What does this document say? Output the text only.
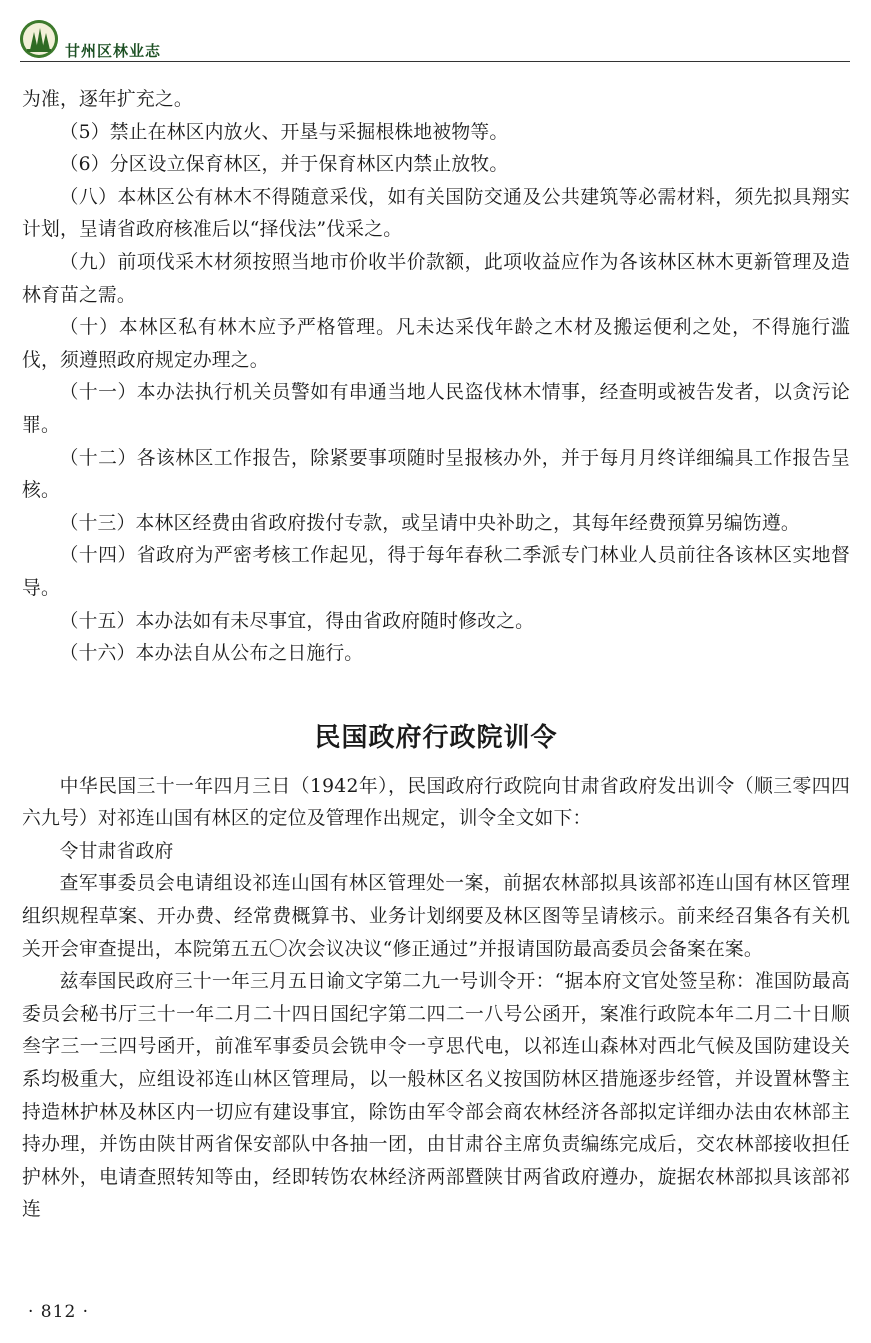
甘州区林业志

为准，逐年扩充之。

（5）禁止在林区内放火、开垦与采掘根株地被物等。

（6）分区设立保育林区，并于保育林区内禁止放牧。

（八）本林区公有林木不得随意采伐，如有关国防交通及公共建筑等必需材料，须先拟具翔实计划，呈请省政府核准后以“择伐法”伐采之。

（九）前项伐采木材须按照当地市价收半价款额，此项收益应作为各该林区林木更新管理及造林育苗之需。

（十）本林区私有林木应予严格管理。凡未达采伐年龄之木材及搬运便利之处，不得施行滥伐，须遵照政府规定办理之。

（十一）本办法执行机关员警如有串通当地人民盗伐林木情事，经查明或被告发者，以贪污论罪。

（十二）各该林区工作报告，除紧要事项随时呈报核办外，并于每月月终详细编具工作报告呈核。

（十三）本林区经费由省政府拨付专款，或呈请中央补助之，其每年经费预算另编饬遵。

（十四）省政府为严密考核工作起见，得于每年春秋二季派专门林业人员前往各该林区实地督导。

（十五）本办法如有未尽事宜，得由省政府随时修改之。

（十六）本办法自从公布之日施行。

民国政府行政院训令

中华民国三十一年四月三日（1942年），民国政府行政院向甘肃省政府发出训令（顺三零四四六九号）对祁连山国有林区的定位及管理作出规定，训令全文如下：

令甘肃省政府

查军事委员会电请组设祁连山国有林区管理处一案，前据农林部拟具该部祁连山国有林区管理组织规程草案、开办费、经常费概算书、业务计划纲要及林区图等呈请核示。前来经召集各有关机关开会审查提出，本院第五五〇次会议决议“修正通过”并报请国防最高委员会备案在案。

兹奉国民政府三十一年三月五日谕文字第二九一号训令开：“据本府文官处签呈称：准国防最高委员会秘书厅三十一年二月二十四日国纪字第二四二一八号公函开，案准行政院本年二月二十日顺叁字三一三四号函开，前准军事委员会铣申令一亨思代电，以祁连山森林对西北气候及国防建设关系均极重大，应组设祁连山林区管理局，以一般林区名义按国防林区措施逐步经管，并设置林警主持造林护林及林区内一切应有建设事宜，除饬由军令部会商农林经济各部拟定详细办法由农林部主持办理，并饬由陕甘两省保安部队中各抽一团，由甘肃谷主席负责编练完成后，交农林部接收担任护林外，电请查照转知等由，经即转饬农林经济两部暨陕甘两省政府遵办，旋据农林部拟具该部祁连

· 812 ·
